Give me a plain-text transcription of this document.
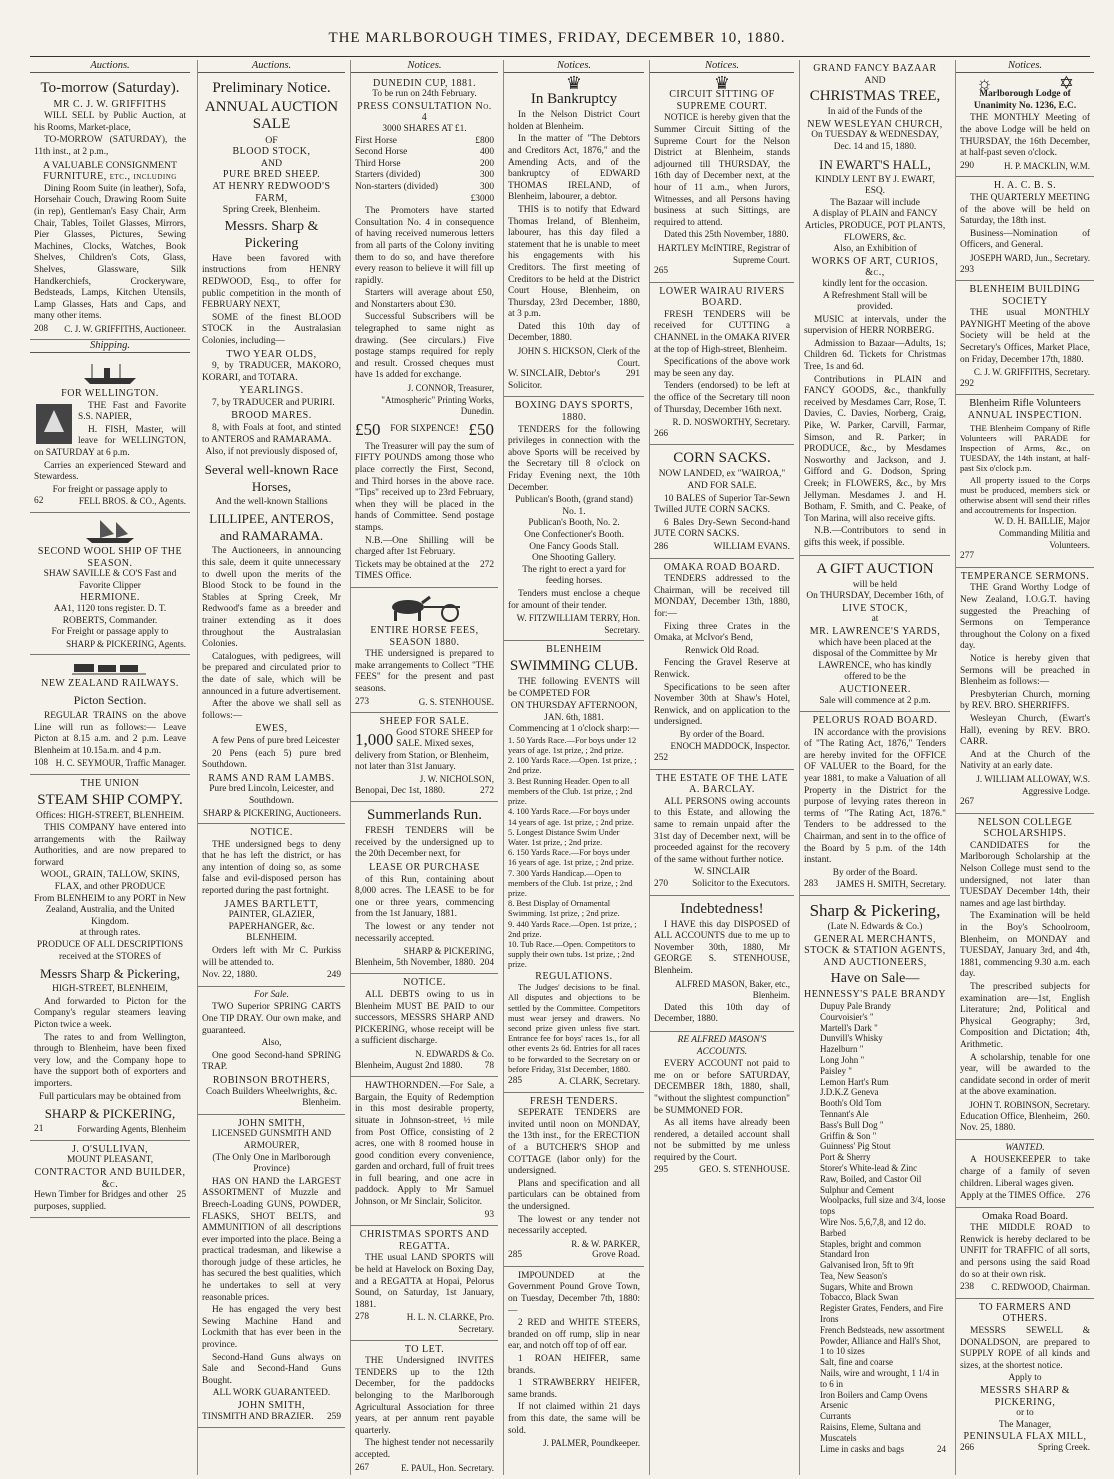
THE MARLBOROUGH TIMES, FRIDAY, DECEMBER 10, 1880.
Auctions.
To-morrow (Saturday).
MR C. J. W. GRIFFITHS
WILL SELL by Public Auction, at his Rooms, Market-place,
TO-MORROW (SATURDAY), the 11th inst., at 2 p.m.,
A VALUABLE CONSIGNMENT
FURNITURE, etc., including
Dining Room Suite (in leather), Sofa, Horsehair Couch, Drawing Room Suite (in rep), Gentleman's Easy Chair, Arm Chair, Tables, Toilet Glasses, Mirrors, Pier Glasses, Pictures, Sewing Machines, Clocks, Watches, Book Shelves, Children's Cots, Glass, Shelves, Glassware, Silk Handkerchiefs, Crockeryware, Bedsteads, Lamps, Kitchen Utensils, Lamp Glasses, Hats and Caps, and many other items.
208 C. J. W. GRIFFITHS, Auctioneer.
Shipping.
FOR WELLINGTON.
THE Fast and Favorite S.S. NAPIER,
H. FISH, Master, will leave for WELLINGTON, on SATURDAY at 6 p.m.
Carries an experienced Steward and Stewardess.
For freight or passage apply to
62	FELL BROS. & CO., Agents.
SECOND WOOL SHIP OF THE SEASON.
SHAW SAVILLE & CO'S Fast and Favorite Clipper
HERMIONE.
AA1, 1120 tons register. D. T. ROBERTS, Commander.
For Freight or passage apply to
SHARP & PICKERING, Agents.
NEW ZEALAND RAILWAYS.
Picton Section.
REGULAR TRAINS on the above Line will run as follows:— Leave Picton at 8.15 a.m. and 2 p.m. Leave Blenheim at 10.15a.m. and 4 p.m.
108 H. C. SEYMOUR, Traffic Manager.
THE UNION
STEAM SHIP COMPY.
Offices: HIGH-STREET, BLENHEIM.
THIS COMPANY have entered into arrangements with the Railway Authorities, and are now prepared to forward
WOOL, GRAIN, TALLOW, SKINS, FLAX, and other PRODUCE
From BLENHEIM to any PORT in New Zealand, Australia, and the United Kingdom.
at through rates.
PRODUCE OF ALL DESCRIPTIONS received at the STORES of
Messrs Sharp & Pickering,
HIGH-STREET, BLENHEIM,
And forwarded to Picton for the Company's regular steamers leaving Picton twice a week.
The rates to and from Wellington, through to Blenheim, have been fixed very low, and the Company hope to have the support both of exporters and importers.
Full particulars may be obtained from
SHARP & PICKERING,
21	Forwarding Agents, Blenheim
J. O'SULLIVAN,
MOUNT PLEASANT,
CONTRACTOR AND BUILDER, &c.
Hewn Timber for Bridges and other purposes, supplied.
25
Auctions.
Preliminary Notice.
ANNUAL AUCTION SALE
OF
BLOOD STOCK,
AND
PURE BRED SHEEP.
AT HENRY REDWOOD'S FARM,
Spring Creek, Blenheim.
Messrs. Sharp & Pickering
Have been favored with instructions from HENRY REDWOOD, Esq., to offer for public competition in the month of FEBRUARY NEXT,
SOME of the finest BLOOD STOCK in the Australasian Colonies, including—
TWO YEAR OLDS,
9, by TRADUCER, MAKORO, KORARI, and TOTARA.
YEARLINGS.
7, by TRADUCER and PURIRI.
BROOD MARES.
8, with Foals at foot, and stinted to ANTEROS and RAMARAMA.
Also, if not previously disposed of,
Several well-known Race Horses,
And the well-known Stallions
LILLIPEE, ANTEROS, and RAMARAMA.
The Auctioneers, in announcing this sale, deem it quite unnecessary to dwell upon the merits of the Blood Stock to be found in the Stables at Spring Creek, Mr Redwood's fame as a breeder and trainer extending as it does throughout the Australasian Colonies.
Catalogues, with pedigrees, will be prepared and circulated prior to the date of sale, which will be announced in a future advertisement.
After the above we shall sell as follows:—
EWES,
A few Pens of pure bred Leicester
20 Pens (each 5) pure bred Southdown.
RAMS AND RAM LAMBS.
Pure bred Lincoln, Leicester, and Southdown.
SHARP & PICKERING, Auctioneers.
NOTICE.
THE undersigned begs to deny that he has left the district, or has any intention of doing so, as some false and evil-disposed person has reported during the past fortnight.
JAMES BARTLETT,
PAINTER, GLAZIER, PAPERHANGER, &c.
BLENHEIM.
Orders left with Mr C. Purkiss will be attended to.
Nov. 22, 1880.	249
For Sale.
TWO Superior SPRING CARTS One TIP DRAY. Our own make, and guaranteed.
Also,
One good Second-hand SPRING TRAP.
ROBINSON BROTHERS,
Coach Builders Wheelwrights, &c.
Blenheim.
JOHN SMITH,
LICENSED GUNSMITH AND ARMOURER,
(The Only One in Marlborough Province)
HAS ON HAND the LARGEST ASSORTMENT of Muzzle and Breech-Loading GUNS, POWDER, FLASKS, SHOT BELTS, and AMMUNITION of all descriptions ever imported into the place. Being a practical tradesman, and likewise a thorough judge of these articles, he has secured the best qualities, which he undertakes to sell at very reasonable prices.
He has engaged the very best Sewing Machine Hand and Lockmith that has ever been in the province.
Second-Hand Guns always on Sale and Second-Hand Guns Bought.
ALL WORK GUARANTEED.
JOHN SMITH,
TINSMITH AND BRAZIER. 259
Notices.
DUNEDIN CUP, 1881.
To be run on 24th February.
PRESS CONSULTATION No. 4
3000 SHARES AT £1.
First Horse	£800
Second Horse	400
Third Horse	200
Starters (divided)	300
Non-starters (divided)	300
£3000
The Promoters have started Consultation No. 4 in consequence of having received numerous letters from all parts of the Colony inviting them to do so, and have therefore every reason to believe it will fill up rapidly.
Starters will average about £50, and Nonstarters about £30.
Successful Subscribers will be telegraphed to same night as drawing. (See circulars.) Five postage stamps required for reply and result. Crossed cheques must have 1s added for exchange.
J. CONNOR, Treasurer,
"Atmospheric" Printing Works, Dunedin.
£50 FOR SIXPENCE! £50
The Treasurer will pay the sum of FIFTY POUNDS among those who place correctly the First, Second, and Third horses in the above race. "Tips" received up to 23rd February, when they will be placed in the hands of Committee. Send postage stamps.
N.B.—One Shilling will be charged after 1st February.
Tickets may be obtained at the TIMES Office.
272
ENTIRE HORSE FEES, SEASON 1880.
THE undersigned is prepared to make arrangements to Collect "THE FEES" for the present and past seasons.
273	G. S. STENHOUSE.
SHEEP FOR SALE.
1,000 Good STORE SHEEP for SALE. Mixed sexes, delivery from Station, or Blenheim, not later than 31st January.
J. W. NICHOLSON,
Benopai, Dec 1st, 1880.	272
Summerlands Run.
FRESH TENDERS will be received by the undersigned up to the 20th December next, for
LEASE OR PURCHASE
of this Run, containing about 8,000 acres. The LEASE to be for one or three years, commencing from the 1st January, 1881.
The lowest or any tender not necessarily accepted.
SHARP & PICKERING,
Blenheim, 5th November, 1880. 204
NOTICE.
ALL DEBTS owing to us in Blenheim MUST BE PAID to our successors, MESSRS SHARP AND PICKERING, whose receipt will be a sufficient discharge.
N. EDWARDS & Co.
Blenheim, August 2nd 1880. 78
HAWTHORNDEN.—For Sale, a Bargain, the Equity of Redemption in this most desirable property, situate in Johnson-street, ½ mile from Post Office, consisting of 2 acres, one with 8 roomed house in good condition every convenience, garden and orchard, full of fruit trees in full bearing, and one acre in paddock. Apply to Mr Samuel Johnson, or Mr Sinclair, Solicitor.
93
CHRISTMAS SPORTS AND REGATTA.
THE usual LAND SPORTS will be held at Havelock on Boxing Day, and a REGATTA at Hopai, Pelorus Sound, on Saturday, 1st January, 1881.
278	H. L. N. CLARKE, Pro. Secretary.
TO LET.
THE Undersigned INVITES TENDERS up to the 12th December, for the paddocks belonging to the Marlborough Agricultural Association for three years, at per annum rent payable quarterly.
The highest tender not necessarily accepted.
267	E. PAUL, Hon. Secretary.
Notices.
♛
In Bankruptcy
In the Nelson District Court holden at Blenheim.
In the matter of "The Debtors and Creditors Act, 1876," and the Amending Acts, and of the bankruptcy of EDWARD THOMAS IRELAND, of Blenheim, labourer, a debtor.
THIS is to notify that Edward Thomas Ireland, of Blenheim, labourer, has this day filed a statement that he is unable to meet his engagements with his Creditors. The first meeting of Creditors to be held at the District Court House, Blenheim, on Thursday, 23rd December, 1880, at 3 p.m.
Dated this 10th day of December, 1880.
JOHN S. HICKSON, Clerk of the Court.
W. SINCLAIR, Debtor's Solicitor.
291
BOXING DAYS SPORTS, 1880.
TENDERS for the following privileges in connection with the above Sports will be received by the Secretary till 8 o'clock on Friday Evening next, the 10th December.
Publican's Booth, (grand stand) No. 1.
Publican's Booth, No. 2.
One Confectioner's Booth.
One Fancy Goods Stall.
One Shooting Gallery.
The right to erect a yard for feeding horses.
Tenders must enclose a cheque for amount of their tender.
W. FITZWILLIAM TERRY, Hon. Secretary.
BLENHEIM
SWIMMING CLUB.
THE following EVENTS will be COMPETED FOR
ON THURSDAY AFTERNOON, JAN. 6th, 1881.
Commencing at 1 o'clock sharp:—
1. 50 Yards Race.—For boys under 12 years of age. 1st prize, ; 2nd prize.
2. 100 Yards Race.—Open. 1st prize, ; 2nd prize.
3. Best Running Header. Open to all members of the Club. 1st prize, ; 2nd prize.
4. 100 Yards Race.—For boys under 14 years of age. 1st prize, ; 2nd prize.
5. Longest Distance Swim Under Water. 1st prize, ; 2nd prize.
6. 150 Yards Race.—For boys under 16 years of age. 1st prize, ; 2nd prize.
7. 300 Yards Handicap.—Open to members of the Club. 1st prize, ; 2nd prize.
8. Best Display of Ornamental Swimming. 1st prize, ; 2nd prize.
9. 440 Yards Race.—Open. 1st prize, ; 2nd prize.
10. Tub Race.—Open. Competitors to supply their own tubs. 1st prize, ; 2nd prize.
REGULATIONS.
The Judges' decisions to be final. All disputes and objections to be settled by the Committee. Competitors must wear jersey and drawers. No second prize given unless five start. Entrance fee for boys' races 1s., for all other events 2s 6d. Entries for all races to be forwarded to the Secretary on or before Friday, 31st December, 1880.
285	A. CLARK, Secretary.
FRESH TENDERS.
SEPERATE TENDERS are invited until noon on MONDAY, the 13th inst., for the ERECTION of a BUTCHER'S SHOP and COTTAGE (labor only) for the undersigned.
Plans and specification and all particulars can be obtained from the undersigned.
The lowest or any tender not necessarily accepted.
R. & W. PARKER,
285	Grove Road.
IMPOUNDED at the Government Pound Grove Town, on Tuesday, December 7th, 1880:—
2 RED and WHITE STEERS, branded on off rump, slip in near ear, and notch off top of off ear.
1 ROAN HEIFER, same brands.
1 STRAWBERRY HEIFER, same brands.
If not claimed within 21 days from this date, the same will be sold.
J. PALMER, Poundkeeper.
Notices.
♛
CIRCUIT SITTING OF SUPREME COURT.
NOTICE is hereby given that the Summer Circuit Sitting of the Supreme Court for the Nelson District at Blenheim, stands adjourned till THURSDAY, the 16th day of December next, at the hour of 11 a.m., when Jurors, Witnesses, and all Persons having business at such Sittings, are required to attend.
Dated this 25th November, 1880.
HARTLEY McINTIRE, Registrar of Supreme Court.
265
LOWER WAIRAU RIVERS BOARD.
FRESH TENDERS will be received for CUTTING a CHANNEL in the OMAKA RIVER at the top of High-street, Blenheim.
Specifications of the above work may be seen any day.
Tenders (endorsed) to be left at the office of the Secretary till noon of Thursday, December 16th next.
R. D. NOSWORTHY, Secretary.
266
CORN SACKS.
NOW LANDED, ex "WAIROA," AND FOR SALE.
10 BALES of Superior Tar-Sewn Twilled JUTE CORN SACKS.
6 Bales Dry-Sewn Second-hand JUTE CORN SACKS.
286	WILLIAM EVANS.
OMAKA ROAD BOARD.
TENDERS addressed to the Chairman, will be received till MONDAY, December 13th, 1880, for:—
Fixing three Crates in the Omaka, at McIvor's Bend,
Renwick Old Road.
Fencing the Gravel Reserve at Renwick.
Specifications to be seen after November 30th at Shaw's Hotel, Renwick, and on application to the undersigned.
By order of the Board.
ENOCH MADDOCK, Inspector.
252
THE ESTATE OF THE LATE A. BARCLAY.
ALL PERSONS owing accounts to this Estate, and allowing the same to remain unpaid after the 31st day of December next, will be proceeded against for the recovery of the same without further notice.
W. SINCLAIR
270	Solicitor to the Executors.
Indebtedness!
I HAVE this day DISPOSED of ALL ACCOUNTS due to me up to November 30th, 1880, Mr GEORGE S. STENHOUSE, Blenheim.
ALFRED MASON, Baker, etc., Blenheim.
Dated this 10th day of December, 1880.
RE ALFRED MASON'S ACCOUNTS.
EVERY ACCOUNT not paid to me on or before SATURDAY, DECEMBER 18th, 1880, shall, "without the slightest compunction" be SUMMONED FOR.
As all items have already been rendered, a detailed account shall not be submitted by me unless required by the Court.
295	GEO. S. STENHOUSE.
GRAND FANCY BAZAAR
AND
CHRISTMAS TREE,
In aid of the Funds of the
NEW WESLEYAN CHURCH,
On TUESDAY & WEDNESDAY, Dec. 14 and 15, 1880.
IN EWART'S HALL,
KINDLY LENT BY J. EWART, ESQ.
The Bazaar will include
A display of PLAIN and FANCY Articles, PRODUCE, POT PLANTS, FLOWERS, &c.
Also, an Exhibition of
WORKS OF ART, CURIOS, &c.,
kindly lent for the occasion.
A Refreshment Stall will be provided.
MUSIC at intervals, under the supervision of HERR NORBERG.
Admission to Bazaar—Adults, 1s; Children 6d. Tickets for Christmas Tree, 1s and 6d.
Contributions in PLAIN and FANCY GOODS, &c., thankfully received by Mesdames Carr, Rose, T. Davies, C. Davies, Norberg, Craig, Pike, W. Parker, Carvill, Farmar, Simson, and R. Parker; in PRODUCE, &c., by Mesdames Nosworthy and Jackson, and J. Gifford and G. Dodson, Spring Creek; in FLOWERS, &c., by Mrs Jellyman. Mesdames J. and H. Botham, F. Smith, and C. Peake, of Ton Marina, will also receive gifts.
N.B.—Contributors to send in gifts this week, if possible.
A GIFT AUCTION
will be held
On THURSDAY, December 16th, of
LIVE STOCK,
at
MR. LAWRENCE'S YARDS,
which have been placed at the disposal of the Committee by Mr LAWRENCE, who has kindly offered to be the
AUCTIONEER.
Sale will commence at 2 p.m.
PELORUS ROAD BOARD.
IN accordance with the provisions of "The Rating Act, 1876," Tenders are hereby invited for the OFFICE OF VALUER to the Board, for the year 1881, to make a Valuation of all Property in the District for the purpose of levying rates thereon in terms of "The Rating Act, 1876." Tenders to be addressed to the Chairman, and sent in to the office of the Board by 5 p.m. of the 14th instant.
By order of the Board.
283 JAMES H. SMITH, Secretary.
Sharp & Pickering,
(Late N. Edwards & Co.)
GENERAL MERCHANTS, STOCK & STATION AGENTS,
AND AUCTIONEERS,
Have on Sale—
HENNESSY'S PALE BRANDY
Dupuy Pale Brandy
Courvoisier's "
Martell's Dark "
Dunvill's Whisky
Hazelburn "
Long John "
Paisley "
Lemon Hart's Rum
J.D.K.Z Geneva
Booth's Old Tom
Tennant's Ale
Bass's Bull Dog "
Griffin & Son "
Guinness' Pig Stout
Port & Sherry
Storer's White-lead & Zinc
Raw, Boiled, and Castor Oil
Sulphur and Cement
Woolpacks, full size and 3/4, loose tops
Wire Nos. 5,6,7,8, and 12 do. Barbed
Staples, bright and common
Standard Iron
Galvanised Iron, 5ft to 9ft
Tea, New Season's
Sugars, White and Brown
Tobacco, Black Swan
Register Grates, Fenders, and Fire Irons
French Bedsteads, new assortment
Powder, Alliance and Hall's Shot, 1 to 10 sizes
Salt, fine and coarse
Nails, wire and wrought, 1 1/4 in to 6 in
Iron Boilers and Camp Ovens
Arsenic
Currants
Raisins, Eleme, Sultana and Muscatels
Lime in casks and bags	24
Notices.
☼	✡
Marlborough Lodge of Unanimity No. 1236, E.C.
THE MONTHLY Meeting of the above Lodge will be held on THURSDAY, the 16th December, at half-past seven o'clock.
290	H. P. MACKLIN, W.M.
H. A. C. B. S.
THE QUARTERLY MEETING of the above will be held on Saturday, the 18th inst.
Business—Nomination of Officers, and General.
JOSEPH WARD, Jun., Secretary.
293
BLENHEIM BUILDING SOCIETY
THE usual MONTHLY PAYNIGHT Meeting of the above Society will be held at the Secretary's Offices, Market Place, on Friday, December 17th, 1880.
C. J. W. GRIFFITHS, Secretary.
292
Blenheim Rifle Volunteers
ANNUAL INSPECTION.
THE Blenheim Company of Rifle Volunteers will PARADE for Inspection of Arms, &c., on TUESDAY, the 14th instant, at half-past Six o'clock p.m.
All property issued to the Corps must be produced, members sick or otherwise absent will send their rifles and accoutrements for Inspection.
W. D. H. BAILLIE, Major Commanding Militia and Volunteers.
277
TEMPERANCE SERMONS.
THE Grand Worthy Lodge of New Zealand, I.O.G.T. having suggested the Preaching of Sermons on Temperance throughout the Colony on a fixed day.
Notice is hereby given that Sermons will be preached in Blenheim as follows:—
Presbyterian Church, morning by REV. BRO. SHERRIFFS.
Wesleyan Church, (Ewart's Hall), evening by REV. BRO. CARR.
And at the Church of the Nativity at an early date.
J. WILLIAM ALLOWAY, W.S. Aggressive Lodge.
267
NELSON COLLEGE SCHOLARSHIPS.
CANDIDATES for the Marlborough Scholarship at the Nelson College must send to the undersigned, not later than TUESDAY December 14th, their names and age last birthday.
The Examination will be held in the Boy's Schoolroom, Blenheim, on MONDAY and TUESDAY, January 3rd, and 4th, 1881, commencing 9.30 a.m. each day.
The prescribed subjects for examination are—1st, English Literature; 2nd, Political and Physical Geography; 3rd, Composition and Dictation; 4th, Arithmetic.
A scholarship, tenable for one year, will be awarded to the candidate second in order of merit at the above examination.
JOHN T. ROBINSON, Secretary.
Education Office, Blenheim, Nov. 25, 1880.
260.
WANTED.
A HOUSEKEEPER to take charge of a family of seven children. Liberal wages given.
Apply at the TIMES Office. 276
Omaka Road Board.
THE MIDDLE ROAD to Renwick is hereby declared to be UNFIT for TRAFFIC of all sorts, and persons using the said Road do so at their own risk.
238 C. REDWOOD, Chairman.
TO FARMERS AND OTHERS.
MESSRS SEWELL & DONALDSON, are prepared to SUPPLY ROPE of all kinds and sizes, at the shortest notice.
Apply to
MESSRS SHARP & PICKERING,
or to
The Manager,
PENINSULA FLAX MILL,
266	Spring Creek.
